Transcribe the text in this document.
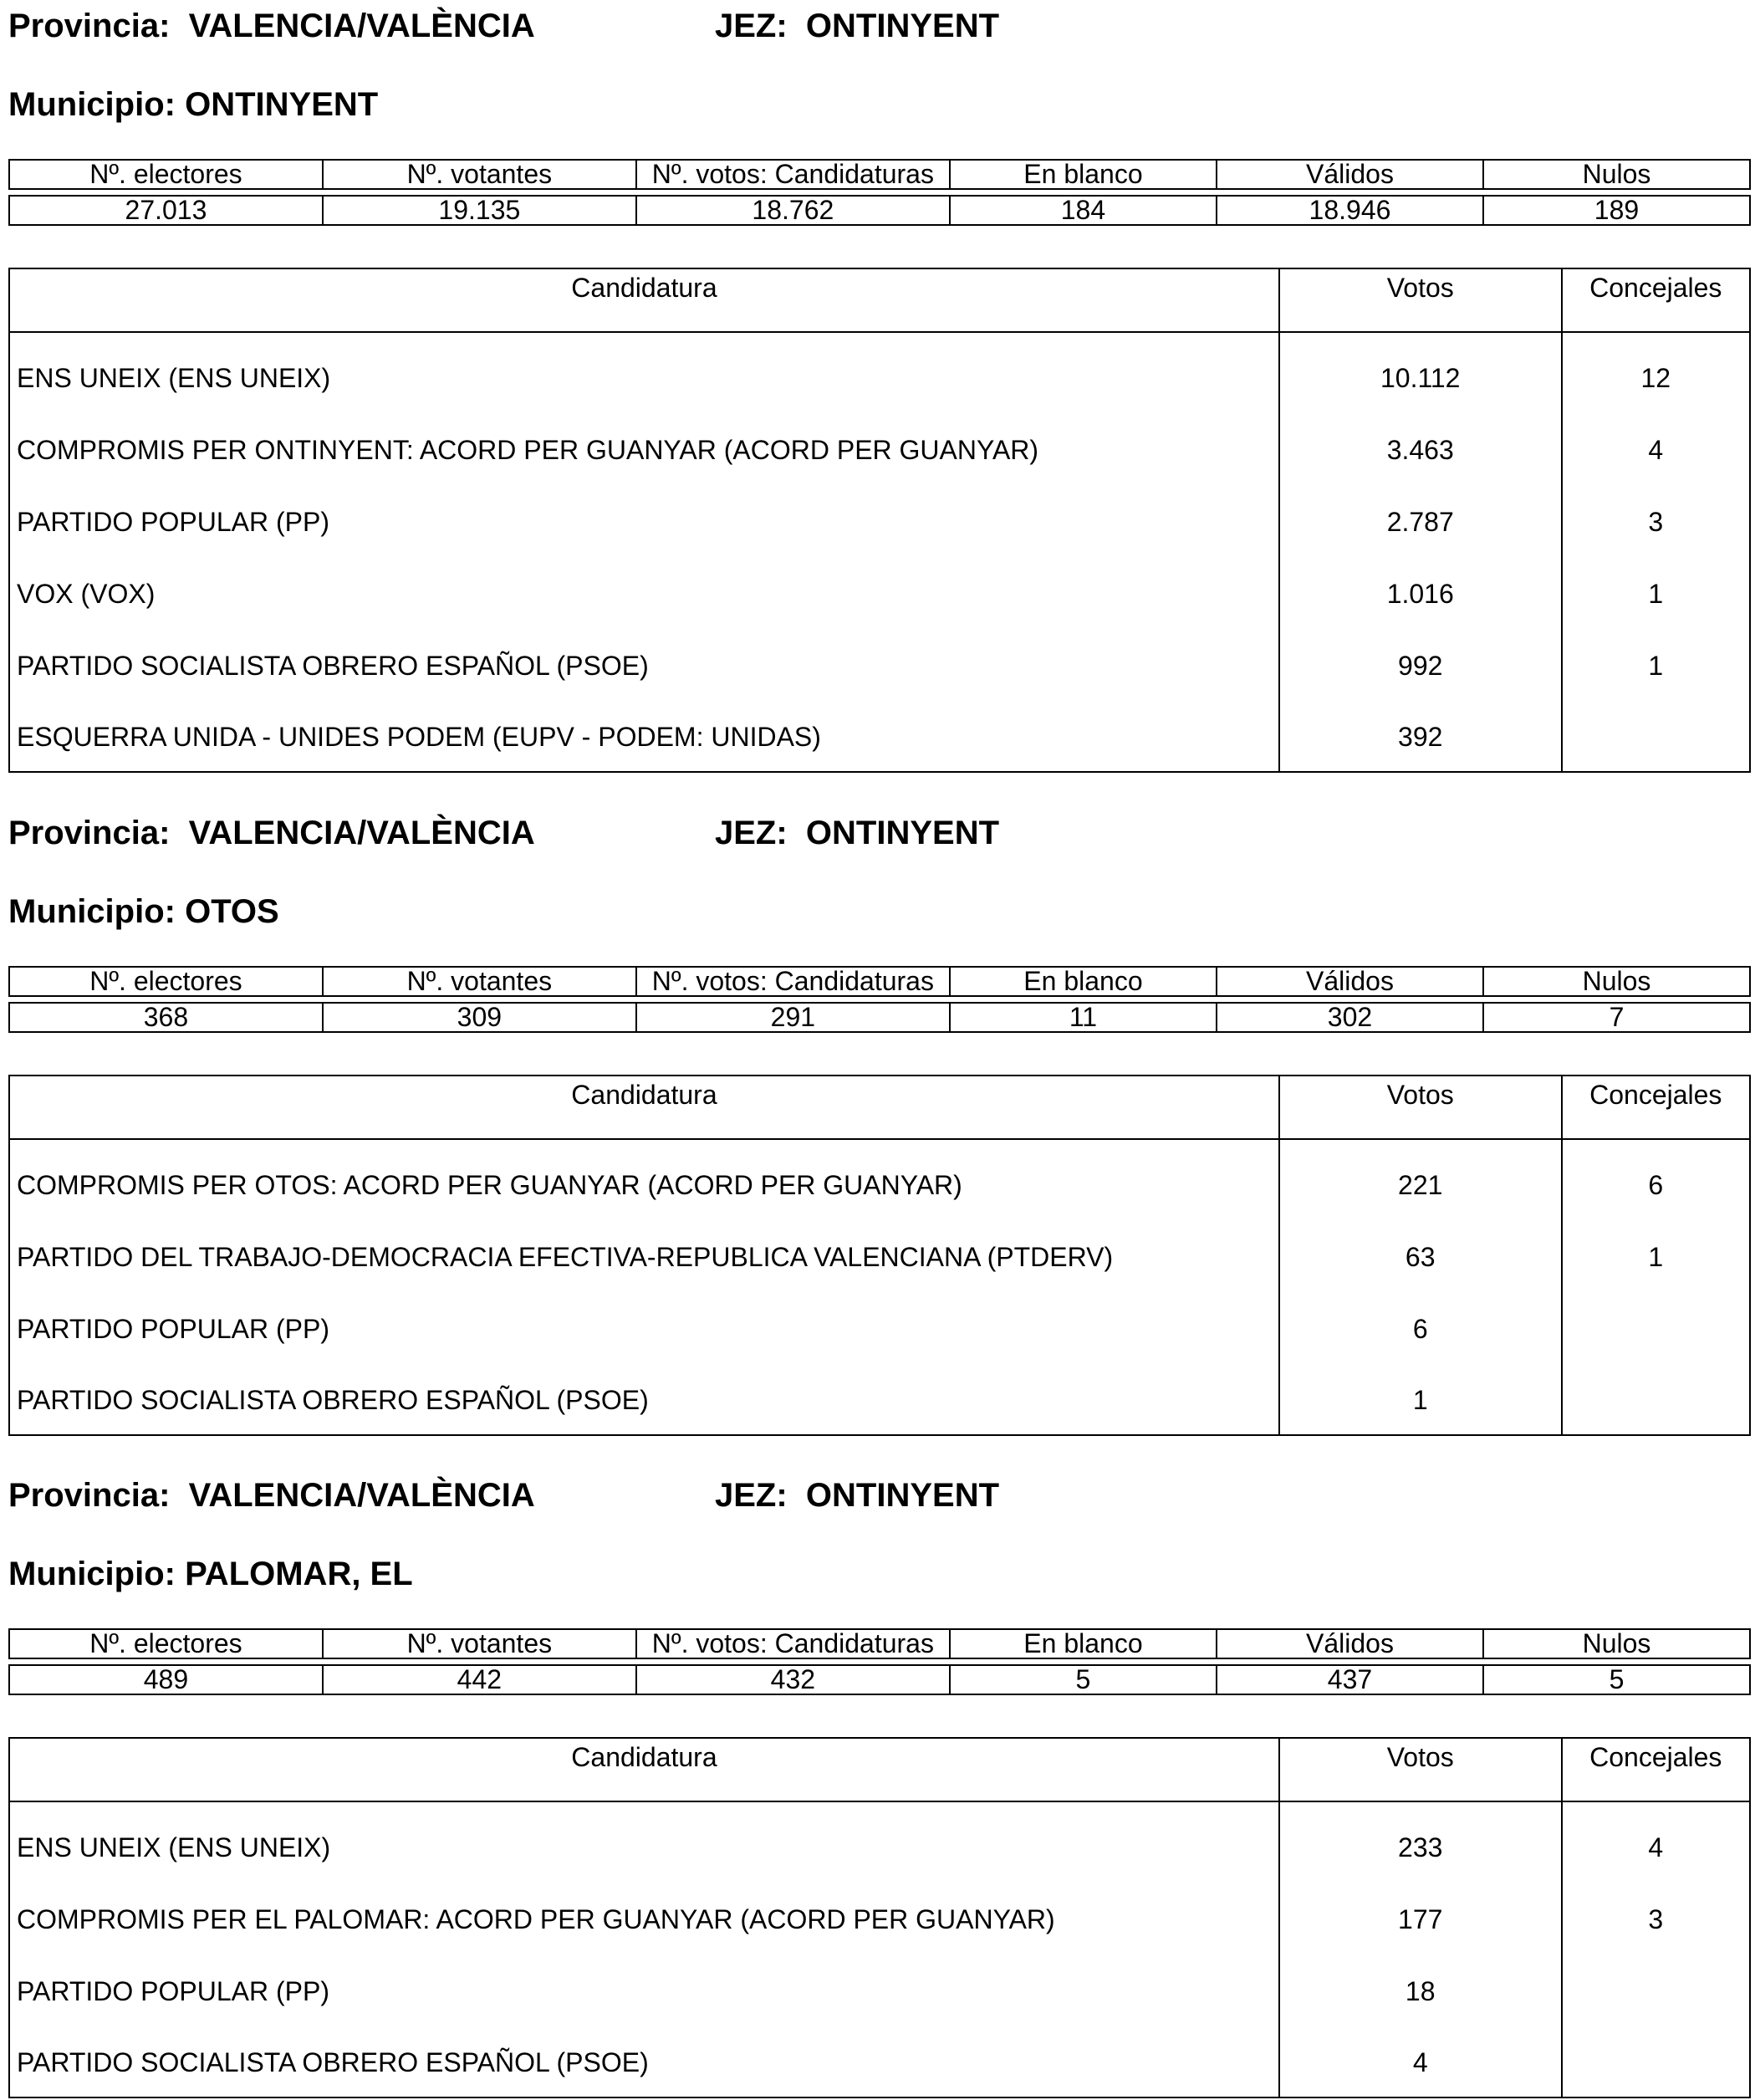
Provincia: VALENCIA/VALÈNCIA	JEZ: ONTINYENT
Municipio: ONTINYENT
Nº. electores	Nº. votantes	Nº. votos: Candidaturas	En blanco	Válidos	Nulos

27.013	19.135	18.762	184	18.946	189
Candidatura	Votos	Concejales
ENS UNEIX (ENS UNEIX)	10.112	12
COMPROMIS PER ONTINYENT: ACORD PER GUANYAR (ACORD PER GUANYAR)	3.463	4
PARTIDO POPULAR (PP)	2.787	3
VOX (VOX)	1.016	1
PARTIDO SOCIALISTA OBRERO ESPAÑOL (PSOE)	992	1
ESQUERRA UNIDA - UNIDES PODEM (EUPV - PODEM: UNIDAS)	392	
Provincia: VALENCIA/VALÈNCIA	JEZ: ONTINYENT
Municipio: OTOS
Nº. electores	Nº. votantes	Nº. votos: Candidaturas	En blanco	Válidos	Nulos

368	309	291	11	302	7
Candidatura	Votos	Concejales
COMPROMIS PER OTOS: ACORD PER GUANYAR (ACORD PER GUANYAR)	221	6
PARTIDO DEL TRABAJO-DEMOCRACIA EFECTIVA-REPUBLICA VALENCIANA (PTDERV)	63	1
PARTIDO POPULAR (PP)	6	
PARTIDO SOCIALISTA OBRERO ESPAÑOL (PSOE)	1	
Provincia: VALENCIA/VALÈNCIA	JEZ: ONTINYENT
Municipio: PALOMAR, EL
Nº. electores	Nº. votantes	Nº. votos: Candidaturas	En blanco	Válidos	Nulos

489	442	432	5	437	5
Candidatura	Votos	Concejales
ENS UNEIX (ENS UNEIX)	233	4
COMPROMIS PER EL PALOMAR: ACORD PER GUANYAR (ACORD PER GUANYAR)	177	3
PARTIDO POPULAR (PP)	18	
PARTIDO SOCIALISTA OBRERO ESPAÑOL (PSOE)	4	
